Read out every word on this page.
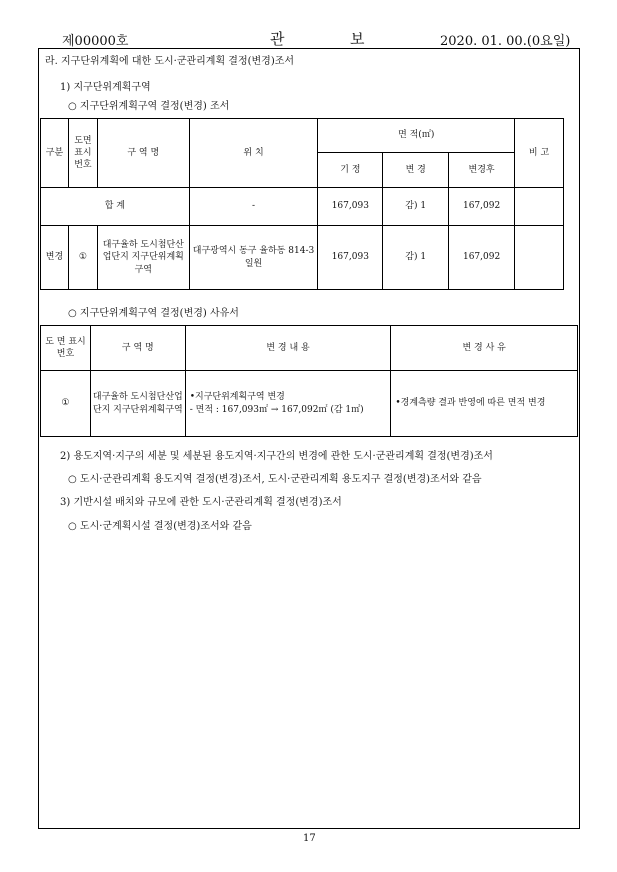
제00000호	관	보	2020. 01. 00.(0요일)
라. 지구단위계획에 대한 도시·군관리계획 결정(변경)조서
1) 지구단위계획구역
○ 지구단위계획구역 결정(변경) 조서
구분	도면 표시 번호	구 역 명	위 치	면 적(㎡)			비 고
				기 정	변 경	변경후	
합 계			-	167,093	감) 1	167,092	
변경	①	대구율하 도시첨단산업단지 지구단위계획구역	대구광역시 동구 율하동 814-3 일원	167,093	감) 1	167,092	
○ 지구단위계획구역 결정(변경) 사유서
도 면 표시번호	구 역 명	변 경 내 용	변 경 사 유
①	대구율하 도시첨단산업단지 지구단위계획구역	•지구단위계획구역 변경
- 면적 : 167,093㎡ → 167,092㎡ (감 1㎡)	•경계측량 결과 반영에 따른 면적 변경
2) 용도지역·지구의 세분 및 세분된 용도지역·지구간의 변경에 관한 도시·군관리계획 결정(변경)조서
○ 도시·군관리계획 용도지역 결정(변경)조서, 도시·군관리계획 용도지구 결정(변경)조서와 같음
3) 기반시설 배치와 규모에 관한 도시·군관리계획 결정(변경)조서
○ 도시·군계획시설 결정(변경)조서와 같음
17
